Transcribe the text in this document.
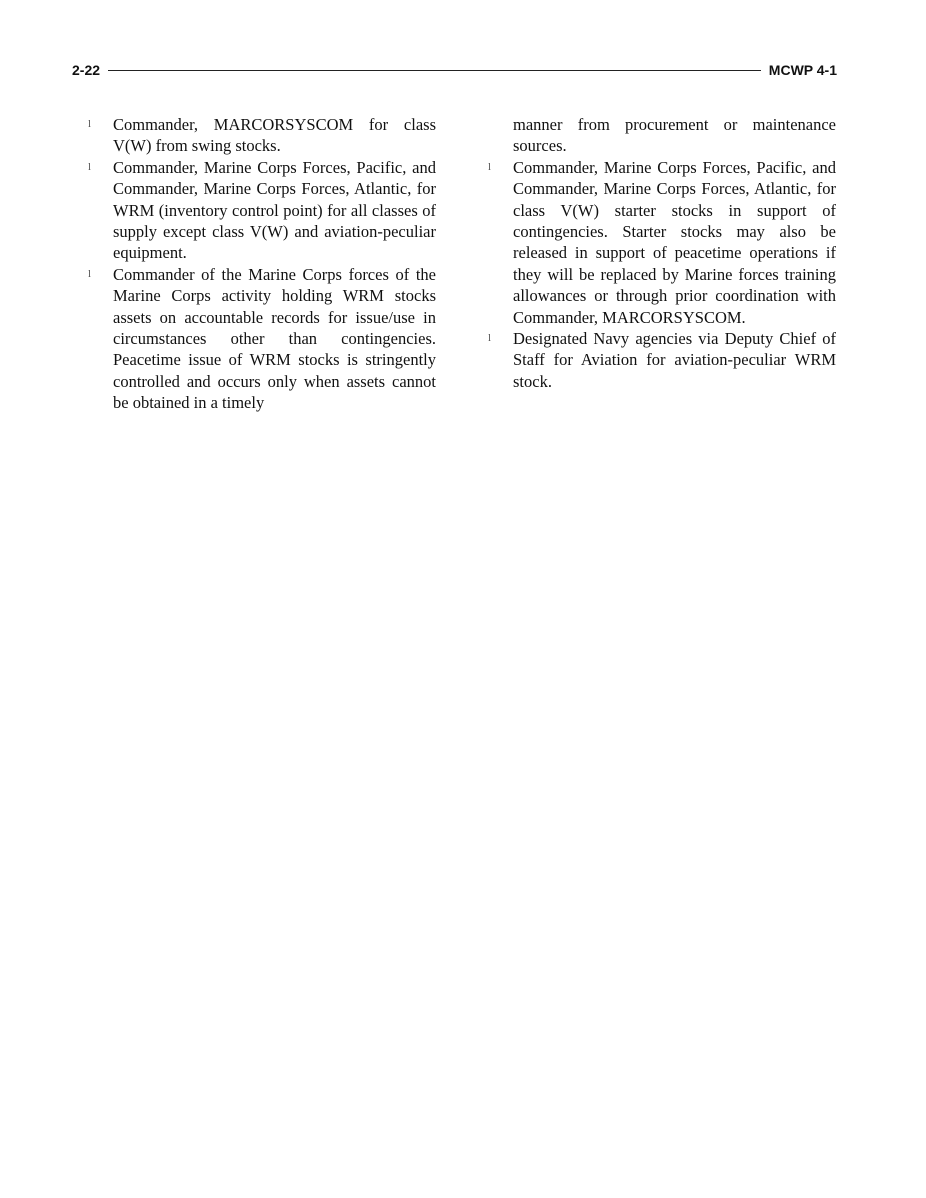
2-22	MCWP 4-1
l Commander, MARCORSYSCOM for class V(W) from swing stocks.
l Commander, Marine Corps Forces, Pacific, and Commander, Marine Corps Forces, Atlantic, for WRM (inventory control point) for all classes of supply except class V(W) and aviation-peculiar equipment.
l Commander of the Marine Corps forces of the Marine Corps activity holding WRM stocks assets on accountable records for issue/use in circumstances other than contingencies. Peacetime issue of WRM stocks is stringently controlled and occurs only when assets cannot be obtained in a timely
manner from procurement or maintenance sources.
l Commander, Marine Corps Forces, Pacific, and Commander, Marine Corps Forces, Atlantic, for class V(W) starter stocks in support of contingencies. Starter stocks may also be released in support of peacetime operations if they will be replaced by Marine forces training allowances or through prior coordination with Commander, MARCORSYSCOM.
l Designated Navy agencies via Deputy Chief of Staff for Aviation for aviation-peculiar WRM stock.
